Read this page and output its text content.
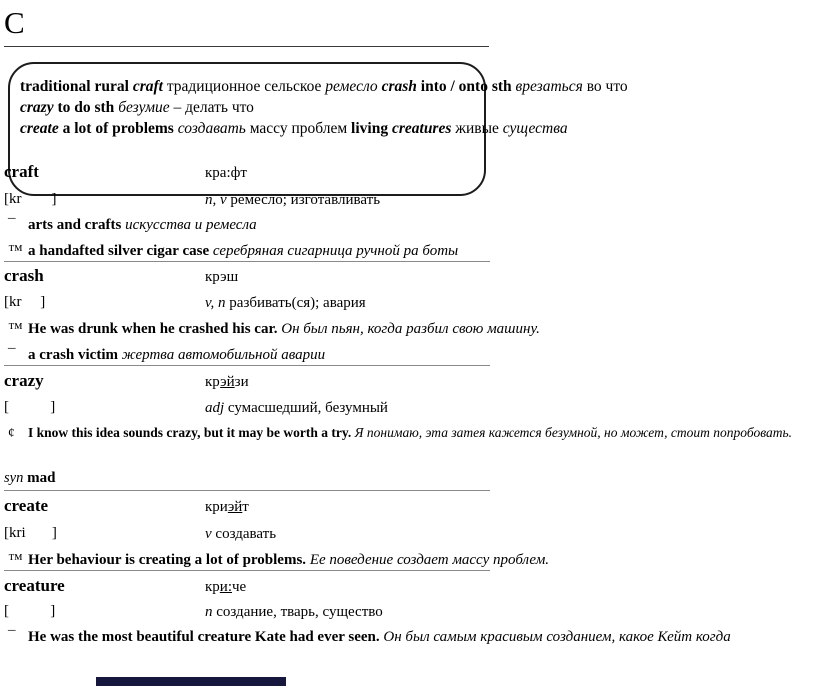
C
traditional rural craft традиционное сельское ремесло crash into / onto sth врезаться во что
crazy to do sth безумие – делать что
create a lot of problems создавать массу проблем living creatures живые существа
craft	кра:фт
[kr        ]	n, v ремесло; изготавливать
¯ arts and crafts искусства и ремесла
™ a handafted silver cigar case серебряная сигарница ручной ра боты
crash	крэш
[kr     ]	v, n разбивать(ся); авария
™ He was drunk when he crashed his car. Он был пьян, когда разбил свою машину.
¯ a crash victim жертва автомобильной аварии
crazy	крэйзи
[           ]	adj сумасшедший, безумный
¢ I know this idea sounds crazy, but it may be worth a try. Я понимаю, эта затея кажется безумной, но может, стоит попробовать.
syn mad
create	криэйт
[kri       ]	v создавать
™ Her behaviour is creating a lot of problems. Ее поведение создает массу проблем.
creature	кри:че
[           ]	n создание, тварь, существо
¯ He was the most beautiful creature Kate had ever seen. Он был самым красивым созданием, какое Кейт когда
